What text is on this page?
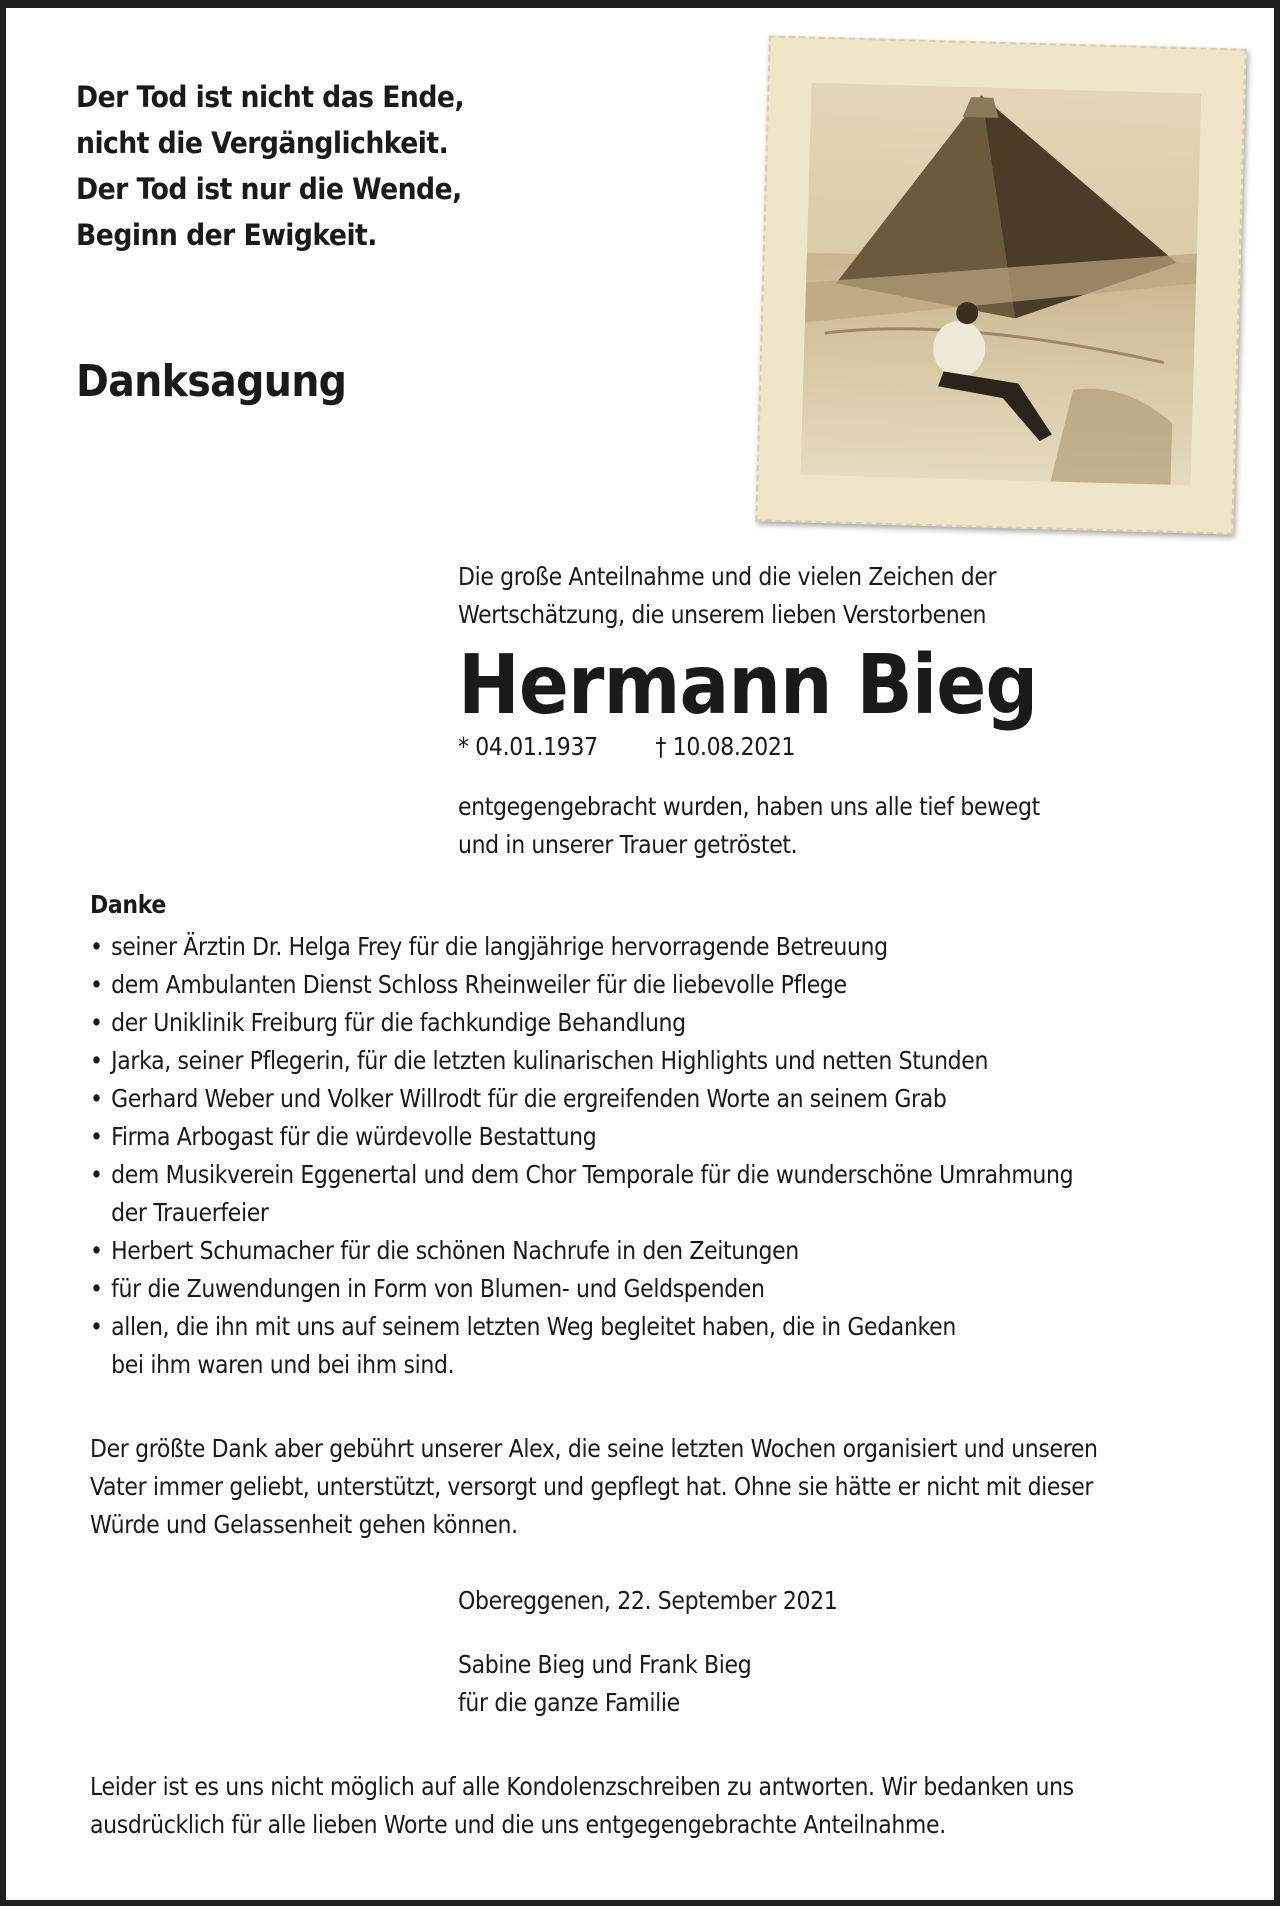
Der Tod ist nicht das Ende,
nicht die Vergänglichkeit.
Der Tod ist nur die Wende,
Beginn der Ewigkeit.
Danksagung
Die große Anteilnahme und die vielen Zeichen der
Wertschätzung, die unserem lieben Verstorbenen
Hermann Bieg
* 04.01.1937 † 10.08.2021
entgegengebracht wurden, haben uns alle tief bewegt
und in unserer Trauer getröstet.
Danke
• seiner Ärztin Dr. Helga Frey für die langjährige hervorragende Betreuung
• dem Ambulanten Dienst Schloss Rheinweiler für die liebevolle Pflege
• der Uniklinik Freiburg für die fachkundige Behandlung
• Jarka, seiner Pflegerin, für die letzten kulinarischen Highlights und netten Stunden
• Gerhard Weber und Volker Willrodt für die ergreifenden Worte an seinem Grab
• Firma Arbogast für die würdevolle Bestattung
• dem Musikverein Eggenertal und dem Chor Temporale für die wunderschöne Umrahmung
der Trauerfeier
• Herbert Schumacher für die schönen Nachrufe in den Zeitungen
• für die Zuwendungen in Form von Blumen- und Geldspenden
• allen, die ihn mit uns auf seinem letzten Weg begleitet haben, die in Gedanken
bei ihm waren und bei ihm sind.
Der größte Dank aber gebührt unserer Alex, die seine letzten Wochen organisiert und unseren
Vater immer geliebt, unterstützt, versorgt und gepflegt hat. Ohne sie hätte er nicht mit dieser
Würde und Gelassenheit gehen können.
Obereggenen, 22. September 2021
Sabine Bieg und Frank Bieg
für die ganze Familie
Leider ist es uns nicht möglich auf alle Kondolenzschreiben zu antworten. Wir bedanken uns
ausdrücklich für alle lieben Worte und die uns entgegengebrachte Anteilnahme.
